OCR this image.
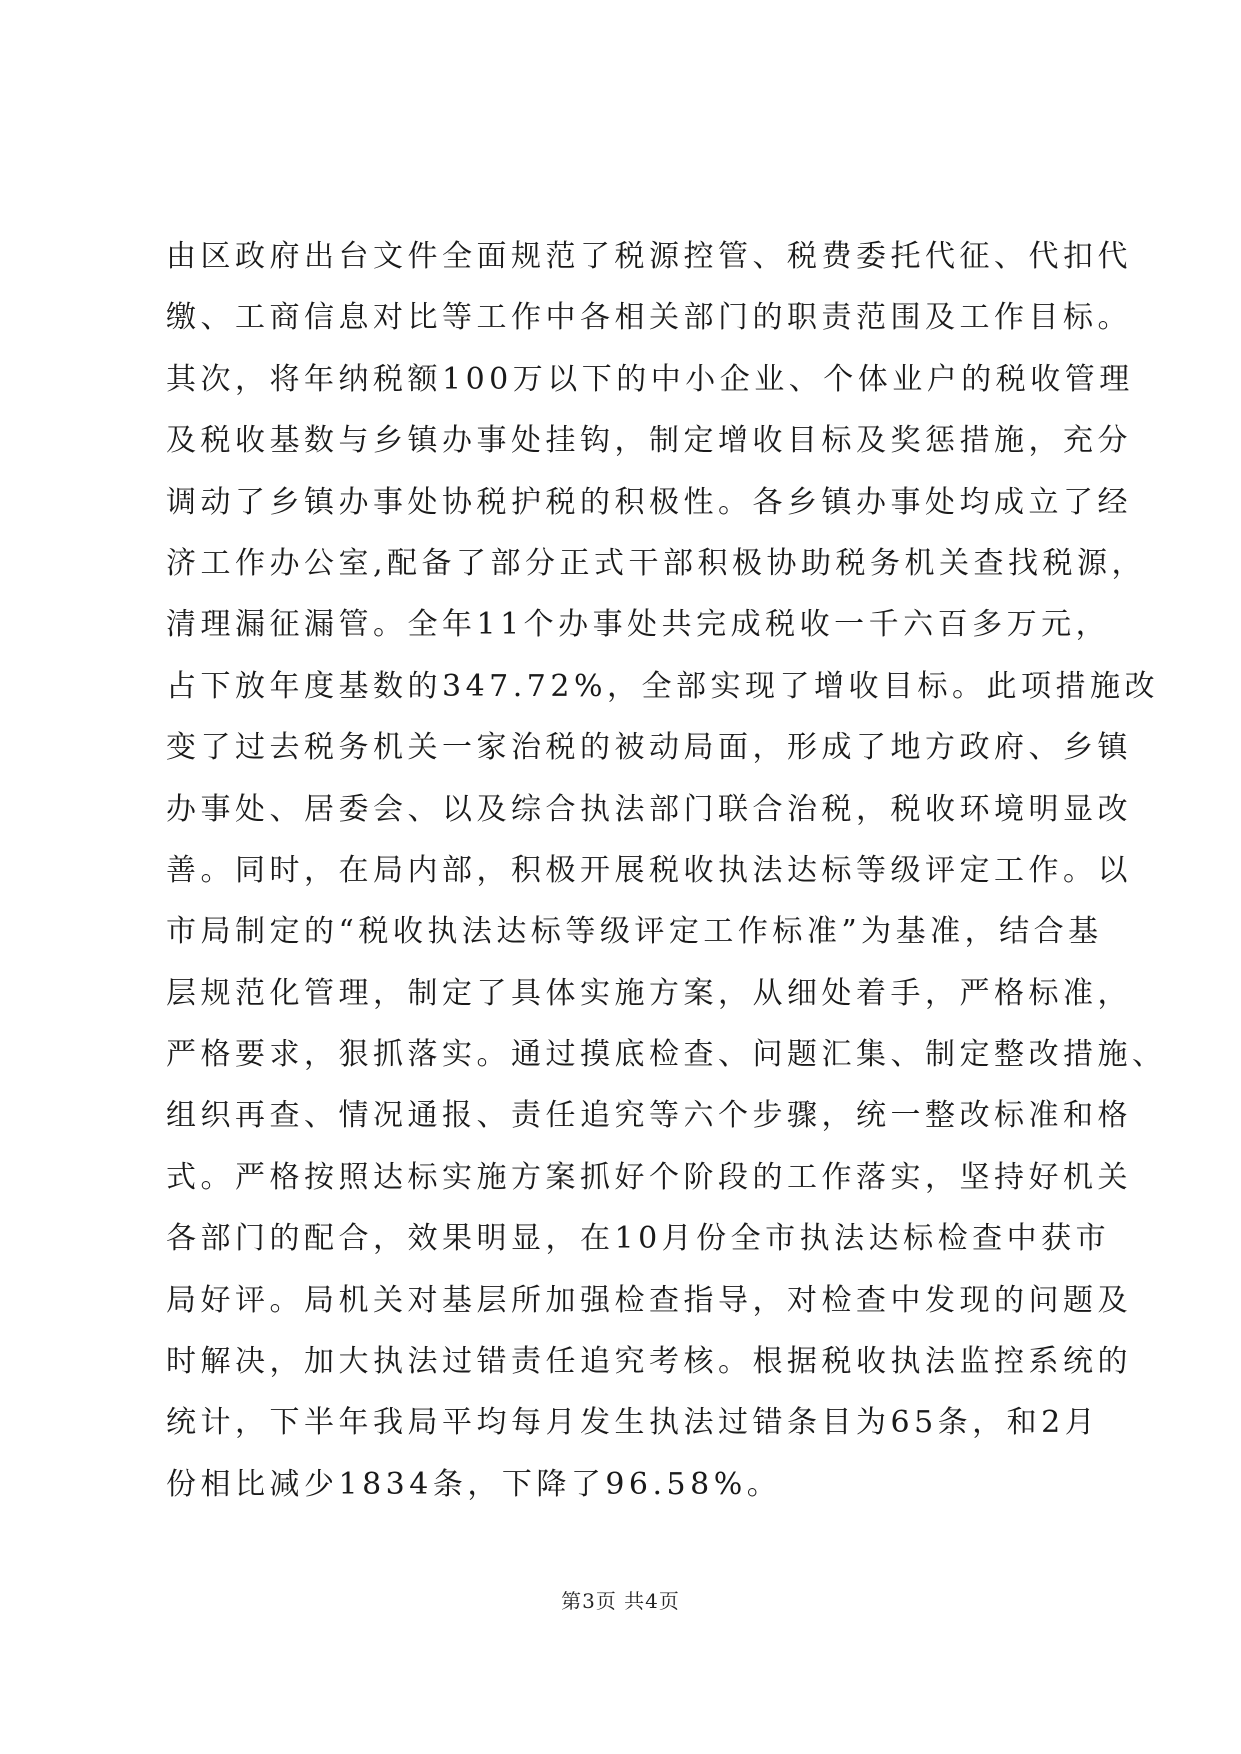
由区政府出台文件全面规范了税源控管、税费委托代征、代扣代
缴、工商信息对比等工作中各相关部门的职责范围及工作目标。
其次，将年纳税额100万以下的中小企业、个体业户的税收管理
及税收基数与乡镇办事处挂钩，制定增收目标及奖惩措施，充分
调动了乡镇办事处协税护税的积极性。各乡镇办事处均成立了经
济工作办公室,配备了部分正式干部积极协助税务机关查找税源，
清理漏征漏管。全年11个办事处共完成税收一千六百多万元，
占下放年度基数的347.72%，全部实现了增收目标。此项措施改
变了过去税务机关一家治税的被动局面，形成了地方政府、乡镇
办事处、居委会、以及综合执法部门联合治税，税收环境明显改
善。同时，在局内部，积极开展税收执法达标等级评定工作。以
市局制定的“税收执法达标等级评定工作标准”为基准，结合基
层规范化管理，制定了具体实施方案，从细处着手，严格标准，
严格要求，狠抓落实。通过摸底检查、问题汇集、制定整改措施、
组织再查、情况通报、责任追究等六个步骤，统一整改标准和格
式。严格按照达标实施方案抓好个阶段的工作落实，坚持好机关
各部门的配合，效果明显，在10月份全市执法达标检查中获市
局好评。局机关对基层所加强检查指导，对检查中发现的问题及
时解决，加大执法过错责任追究考核。根据税收执法监控系统的
统计，下半年我局平均每月发生执法过错条目为65条，和2月
份相比减少1834条，下降了96.58%。
第3页 共4页
